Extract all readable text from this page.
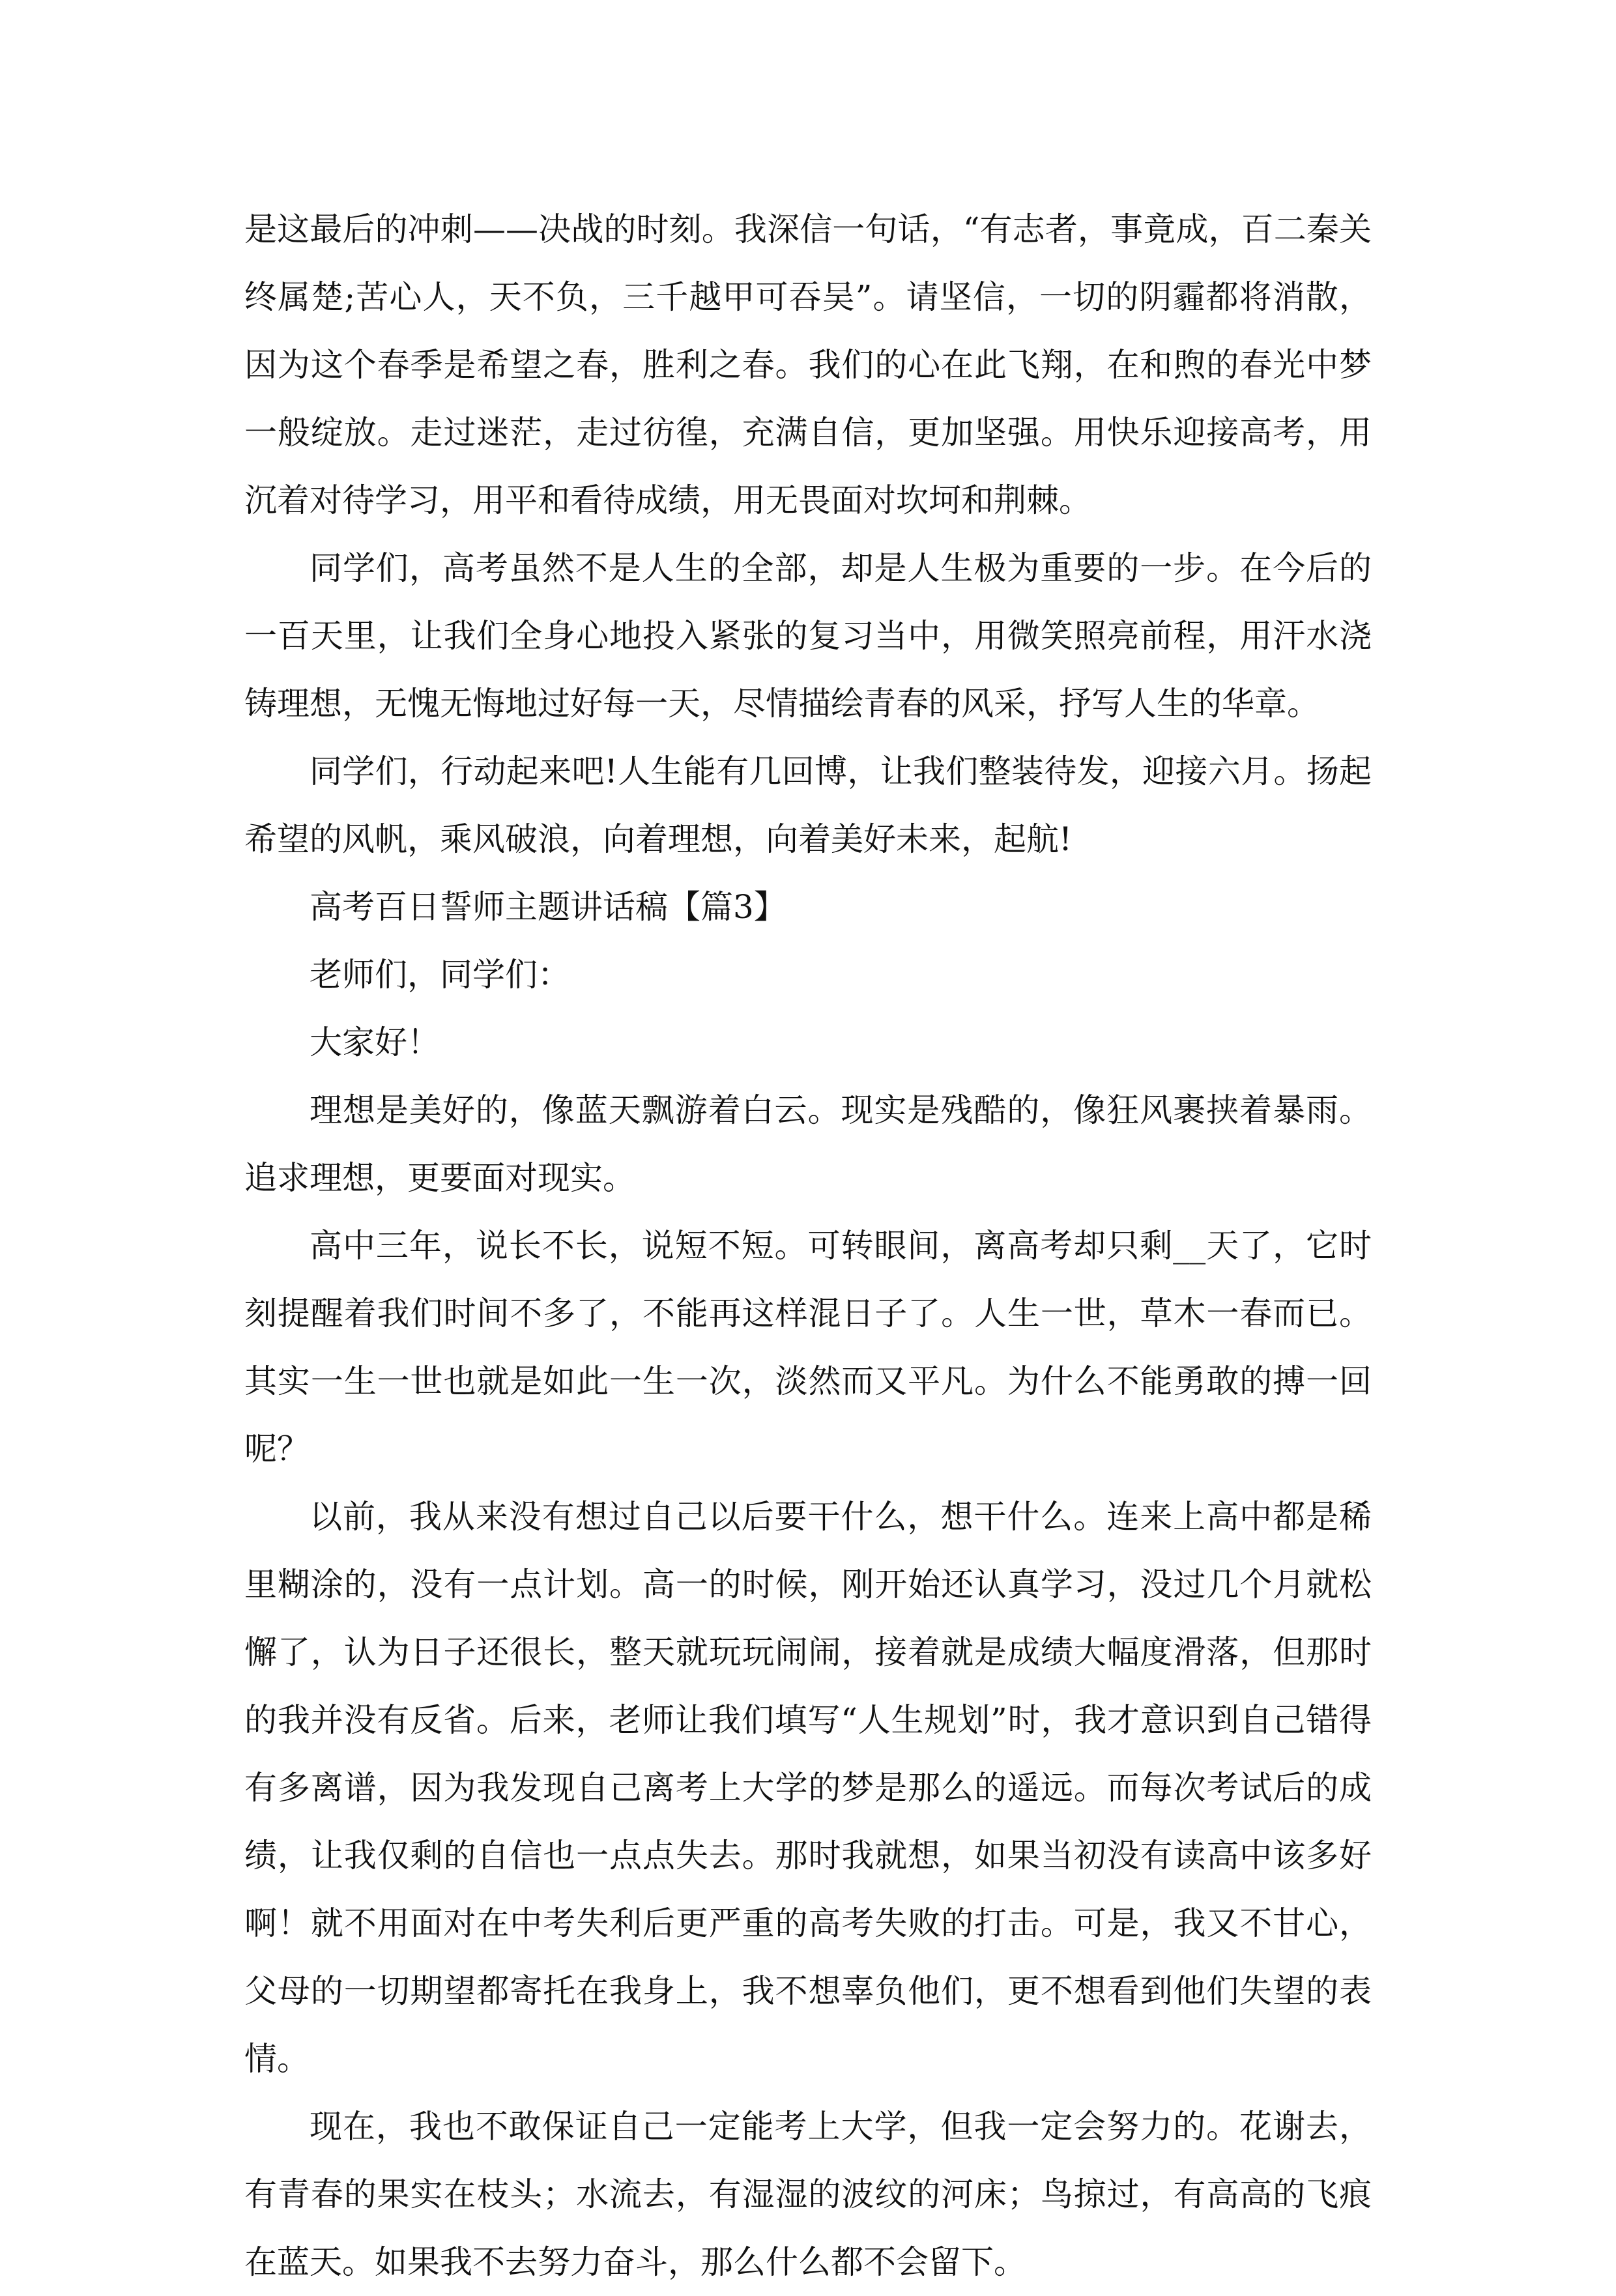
是这最后的冲刺——决战的时刻。我深信一句话，“有志者，事竟成，百二秦关终属楚;苦心人，天不负，三千越甲可吞吴”。请坚信，一切的阴霾都将消散，因为这个春季是希望之春，胜利之春。我们的心在此飞翔，在和煦的春光中梦一般绽放。走过迷茫，走过彷徨，充满自信，更加坚强。用快乐迎接高考，用沉着对待学习，用平和看待成绩，用无畏面对坎坷和荆棘。

同学们，高考虽然不是人生的全部，却是人生极为重要的一步。在今后的一百天里，让我们全身心地投入紧张的复习当中，用微笑照亮前程，用汗水浇铸理想，无愧无悔地过好每一天，尽情描绘青春的风采，抒写人生的华章。

同学们，行动起来吧!人生能有几回博，让我们整装待发，迎接六月。扬起希望的风帆，乘风破浪，向着理想，向着美好未来，起航!

高考百日誓师主题讲话稿【篇3】

老师们，同学们：

大家好！

理想是美好的，像蓝天飘游着白云。现实是残酷的，像狂风裹挟着暴雨。追求理想，更要面对现实。

高中三年，说长不长，说短不短。可转眼间，离高考却只剩__天了，它时刻提醒着我们时间不多了，不能再这样混日子了。人生一世，草木一春而已。其实一生一世也就是如此一生一次，淡然而又平凡。为什么不能勇敢的搏一回呢？

以前，我从来没有想过自己以后要干什么，想干什么。连来上高中都是稀里糊涂的，没有一点计划。高一的时候，刚开始还认真学习，没过几个月就松懈了，认为日子还很长，整天就玩玩闹闹，接着就是成绩大幅度滑落，但那时的我并没有反省。后来，老师让我们填写“人生规划”时，我才意识到自己错得有多离谱，因为我发现自己离考上大学的梦是那么的遥远。而每次考试后的成绩，让我仅剩的自信也一点点失去。那时我就想，如果当初没有读高中该多好啊！就不用面对在中考失利后更严重的高考失败的打击。可是，我又不甘心，父母的一切期望都寄托在我身上，我不想辜负他们，更不想看到他们失望的表情。

现在，我也不敢保证自己一定能考上大学，但我一定会努力的。花谢去，有青春的果实在枝头；水流去，有湿湿的波纹的河床；鸟掠过，有高高的飞痕在蓝天。如果我不去努力奋斗，那么什么都不会留下。
